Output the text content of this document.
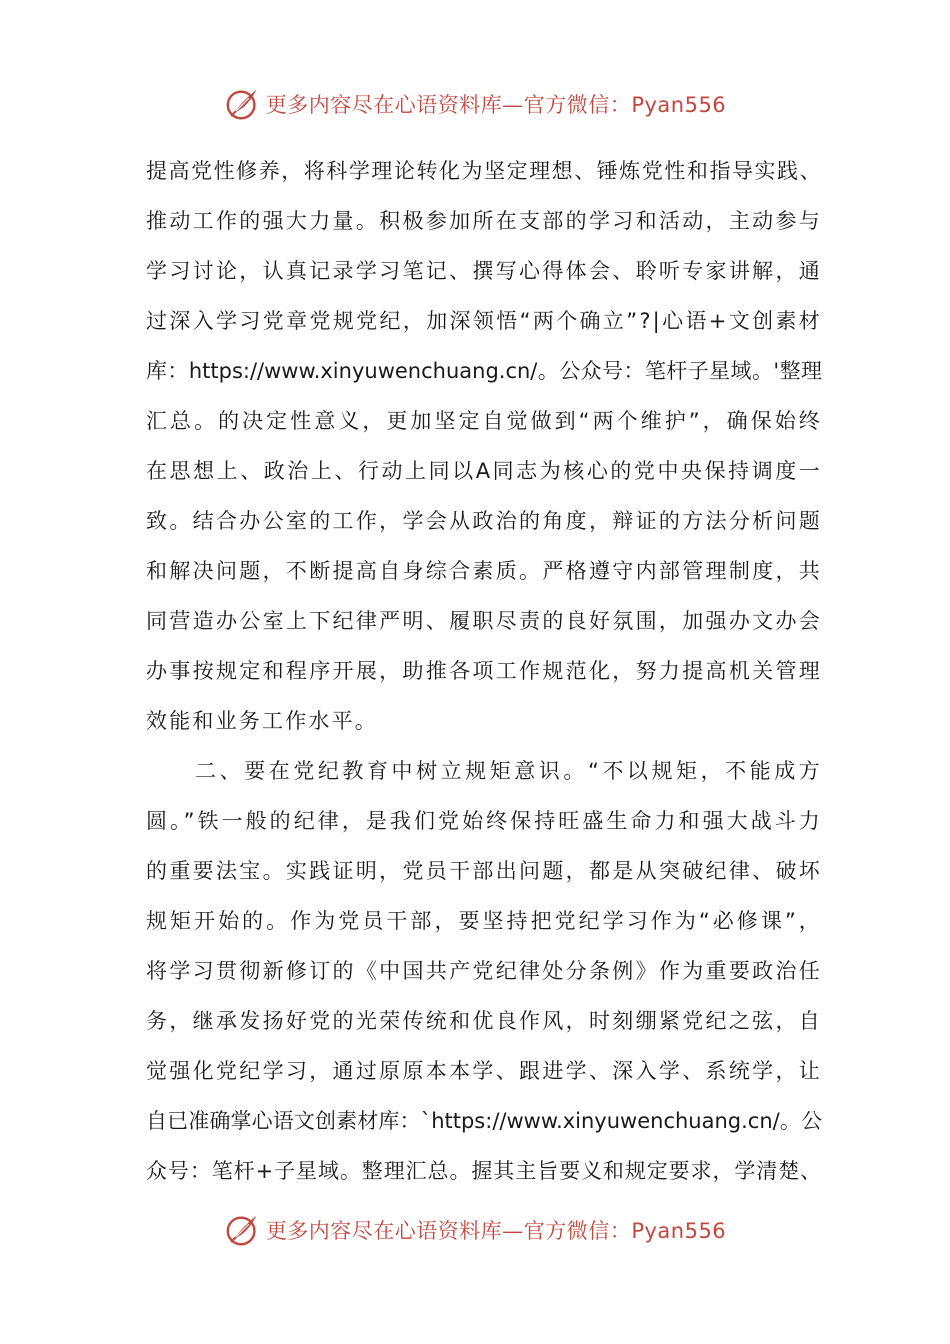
更多内容尽在心语资料库—官方微信：Pyan556
提高党性修养，将科学理论转化为坚定理想、锤炼党性和指导实践、
推动工作的强大力量。积极参加所在支部的学习和活动，主动参与
学习讨论，认真记录学习笔记、撰写心得体会、聆听专家讲解，通
过深入学习党章党规党纪，加深领悟“两个确立”?|心语+文创素材
库：https://www.xinyuwenchuang.cn/。公众号：笔杆子星域。'整理
汇总。的决定性意义，更加坚定自觉做到“两个维护”，确保始终
在思想上、政治上、行动上同以A同志为核心的党中央保持调度一
致。结合办公室的工作，学会从政治的角度，辩证的方法分析问题
和解决问题，不断提高自身综合素质。严格遵守内部管理制度，共
同营造办公室上下纪律严明、履职尽责的良好氛围，加强办文办会
办事按规定和程序开展，助推各项工作规范化，努力提高机关管理
效能和业务工作水平。
　　二、要在党纪教育中树立规矩意识。“不以规矩，不能成方
圆。”铁一般的纪律，是我们党始终保持旺盛生命力和强大战斗力
的重要法宝。实践证明，党员干部出问题，都是从突破纪律、破坏
规矩开始的。作为党员干部，要坚持把党纪学习作为“必修课”，
将学习贯彻新修订的《中国共产党纪律处分条例》作为重要政治任
务，继承发扬好党的光荣传统和优良作风，时刻绷紧党纪之弦，自
觉强化党纪学习，通过原原本本学、跟进学、深入学、系统学，让
自已准确掌心语文创素材库：`https://www.xinyuwenchuang.cn/。公
众号：笔杆+子星域。整理汇总。握其主旨要义和规定要求，学清楚、
更多内容尽在心语资料库—官方微信：Pyan556
